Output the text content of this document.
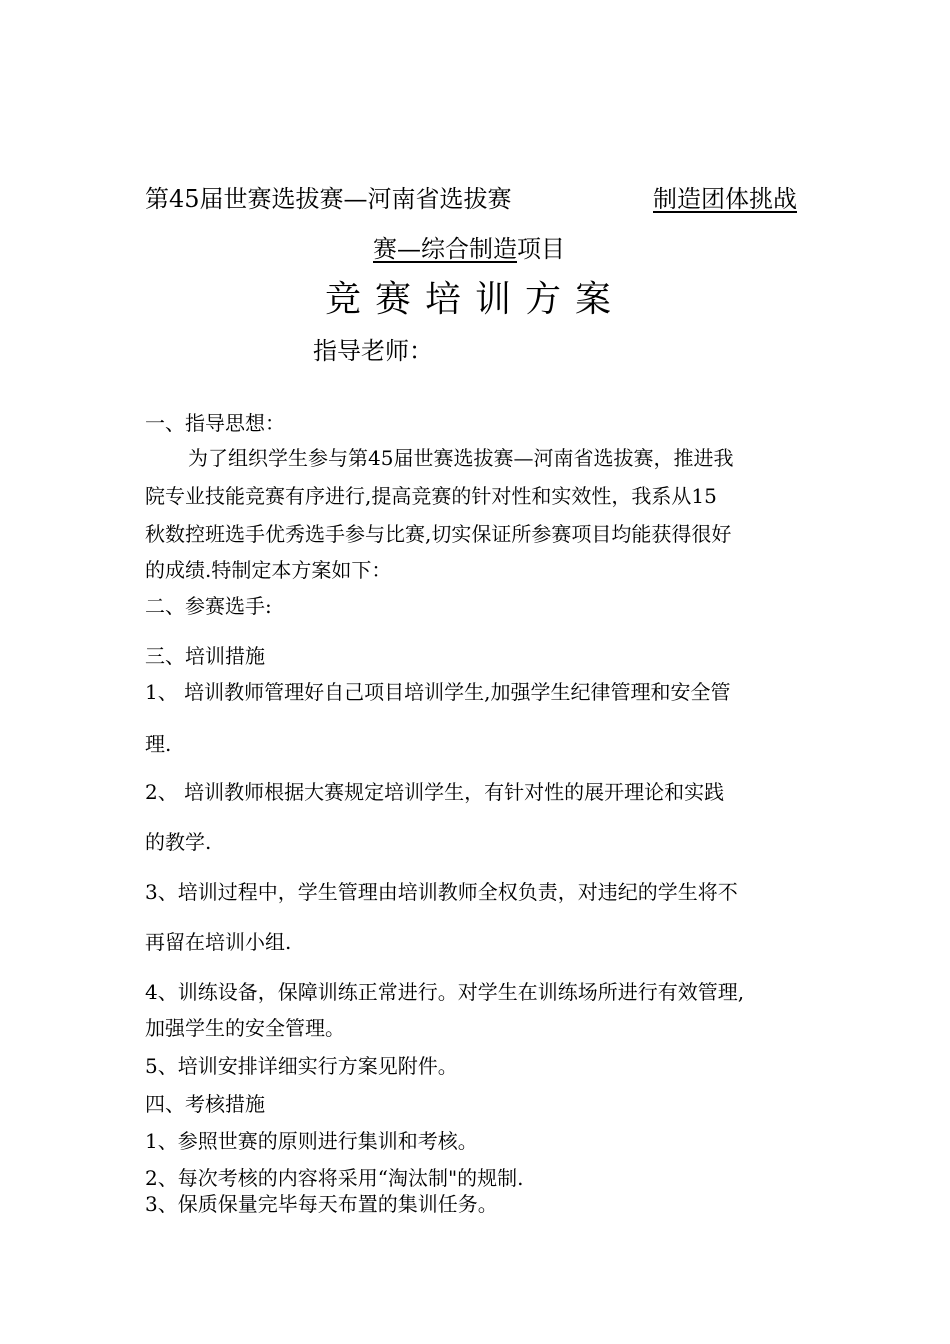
第45届世赛选拔赛—河南省选拔赛	制造团体挑战
赛—综合制造项目
竞赛培训方案
指导老师：
一、指导思想：
为了组织学生参与第45届世赛选拔赛—河南省选拔赛，推进我
院专业技能竞赛有序进行,提高竞赛的针对性和实效性，我系从15
秋数控班选手优秀选手参与比赛,切实保证所参赛项目均能获得很好
的成绩.特制定本方案如下：
二、参赛选手:
三、培训措施
1、 培训教师管理好自己项目培训学生,加强学生纪律管理和安全管
理.
2、 培训教师根据大赛规定培训学生，有针对性的展开理论和实践
的教学.
3、培训过程中，学生管理由培训教师全权负责，对违纪的学生将不
再留在培训小组.
4、训练设备，保障训练正常进行。对学生在训练场所进行有效管理,
加强学生的安全管理。
5、培训安排详细实行方案见附件。
四、考核措施
1、参照世赛的原则进行集训和考核。
2、每次考核的内容将采用“淘汰制"的规制.
3、保质保量完毕每天布置的集训任务。
